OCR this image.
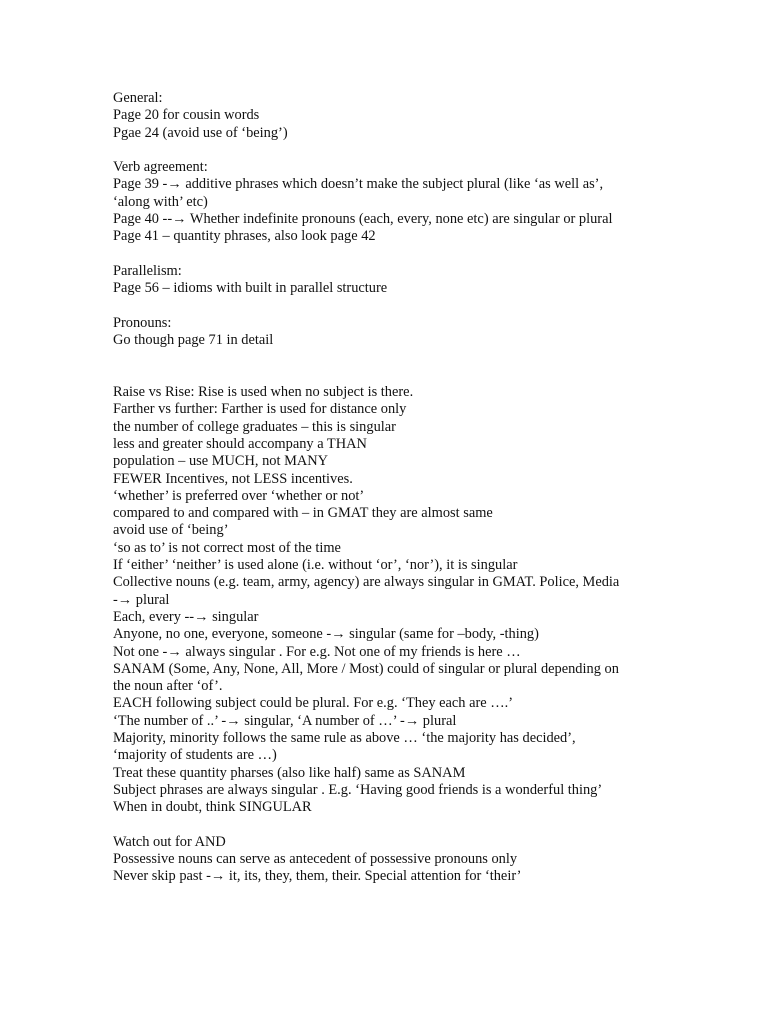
General:

Page 20 for cousin words

Pgae 24 (avoid use of ‘being’)

Verb agreement:

Page 39 -→ additive phrases which doesn’t make the subject plural (like ‘as well as’,

‘along with’ etc)

Page 40 --→ Whether indefinite pronouns (each, every, none etc) are singular or plural

Page 41 – quantity phrases, also look page 42

Parallelism:

Page 56 – idioms with built in parallel structure

Pronouns:

Go though page 71 in detail

Raise vs Rise: Rise is used when no subject is there.

Farther vs further: Farther is used for distance only

the number of college graduates – this is singular

less and greater should accompany a THAN

population – use MUCH, not MANY

FEWER Incentives, not LESS incentives.

‘whether’ is preferred over ‘whether or not’

compared to and compared with – in GMAT they are almost same

avoid use of ‘being’

‘so as to’ is not correct most of the time

If ‘either’ ‘neither’ is used alone (i.e. without ‘or’, ‘nor’), it is singular

Collective nouns (e.g. team, army, agency) are always singular in GMAT. Police, Media

-→ plural

Each, every --→ singular

Anyone, no one, everyone, someone -→ singular (same for –body, -thing)

Not one -→ always singular . For e.g. Not one of my friends is here …

SANAM (Some, Any, None, All, More / Most) could of singular or plural depending on

the noun after ‘of’.

EACH following subject could be plural. For e.g. ‘They each are ….’

‘The number of ..’ -→ singular, ‘A number of …’ -→ plural

Majority, minority follows the same rule as above … ‘the majority has decided’,

‘majority of students are …)

Treat these quantity pharses (also like half) same as SANAM

Subject phrases are always singular . E.g. ‘Having good friends is a wonderful thing’

When in doubt, think SINGULAR

Watch out for AND

Possessive nouns can serve as antecedent of possessive pronouns only

Never skip past -→ it, its, they, them, their. Special attention for ‘their’
